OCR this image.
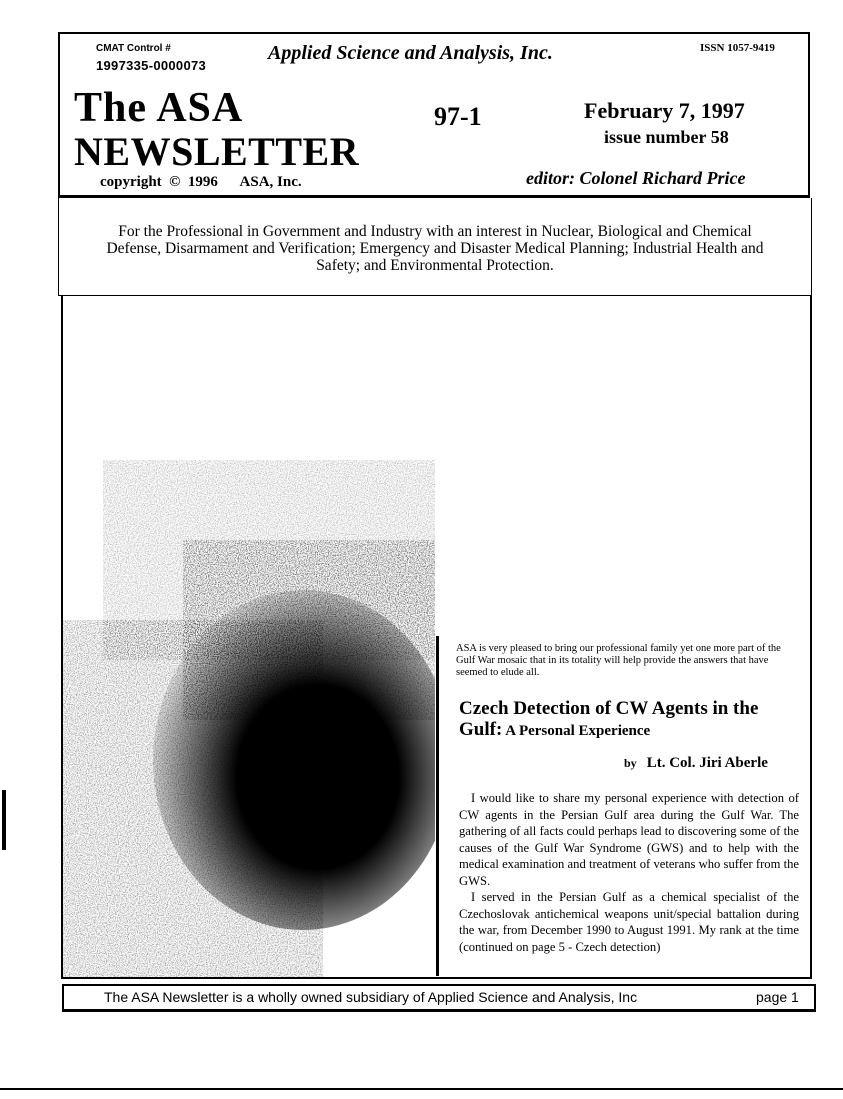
CMAT Control #
1997335-0000073
Applied Science and Analysis, Inc.	ISSN 1057-9419
The ASA
NEWSLETTER
97-1	February 7, 1997
issue number 58
copyright  ©  1996      ASA, Inc.	editor: Colonel Richard Price
For the Professional in Government and Industry with an interest in Nuclear, Biological and Chemical Defense, Disarmament and Verification; Emergency and Disaster Medical Planning; Industrial Health and Safety; and Environmental Protection.
ASA is very pleased to bring our professional family yet one more part of the Gulf War mosaic that in its totality will help provide the answers that have seemed to elude all.
Czech Detection of CW Agents in the Gulf: A Personal Experience
by Lt. Col. Jiri Aberle

I would like to share my personal experience with detection of CW agents in the Persian Gulf area during the Gulf War. The gathering of all facts could perhaps lead to discovering some of the causes of the Gulf War Syndrome (GWS) and to help with the medical examination and treatment of veterans who suffer from the GWS.

I served in the Persian Gulf as a chemical specialist of the Czechoslovak antichemical weapons unit/special battalion during the war, from December 1990 to August 1991. My rank at the time (continued on page 5 - Czech detection)

The ASA Newsletter is a wholly owned subsidiary of Applied Science and Analysis, Inc	page 1
